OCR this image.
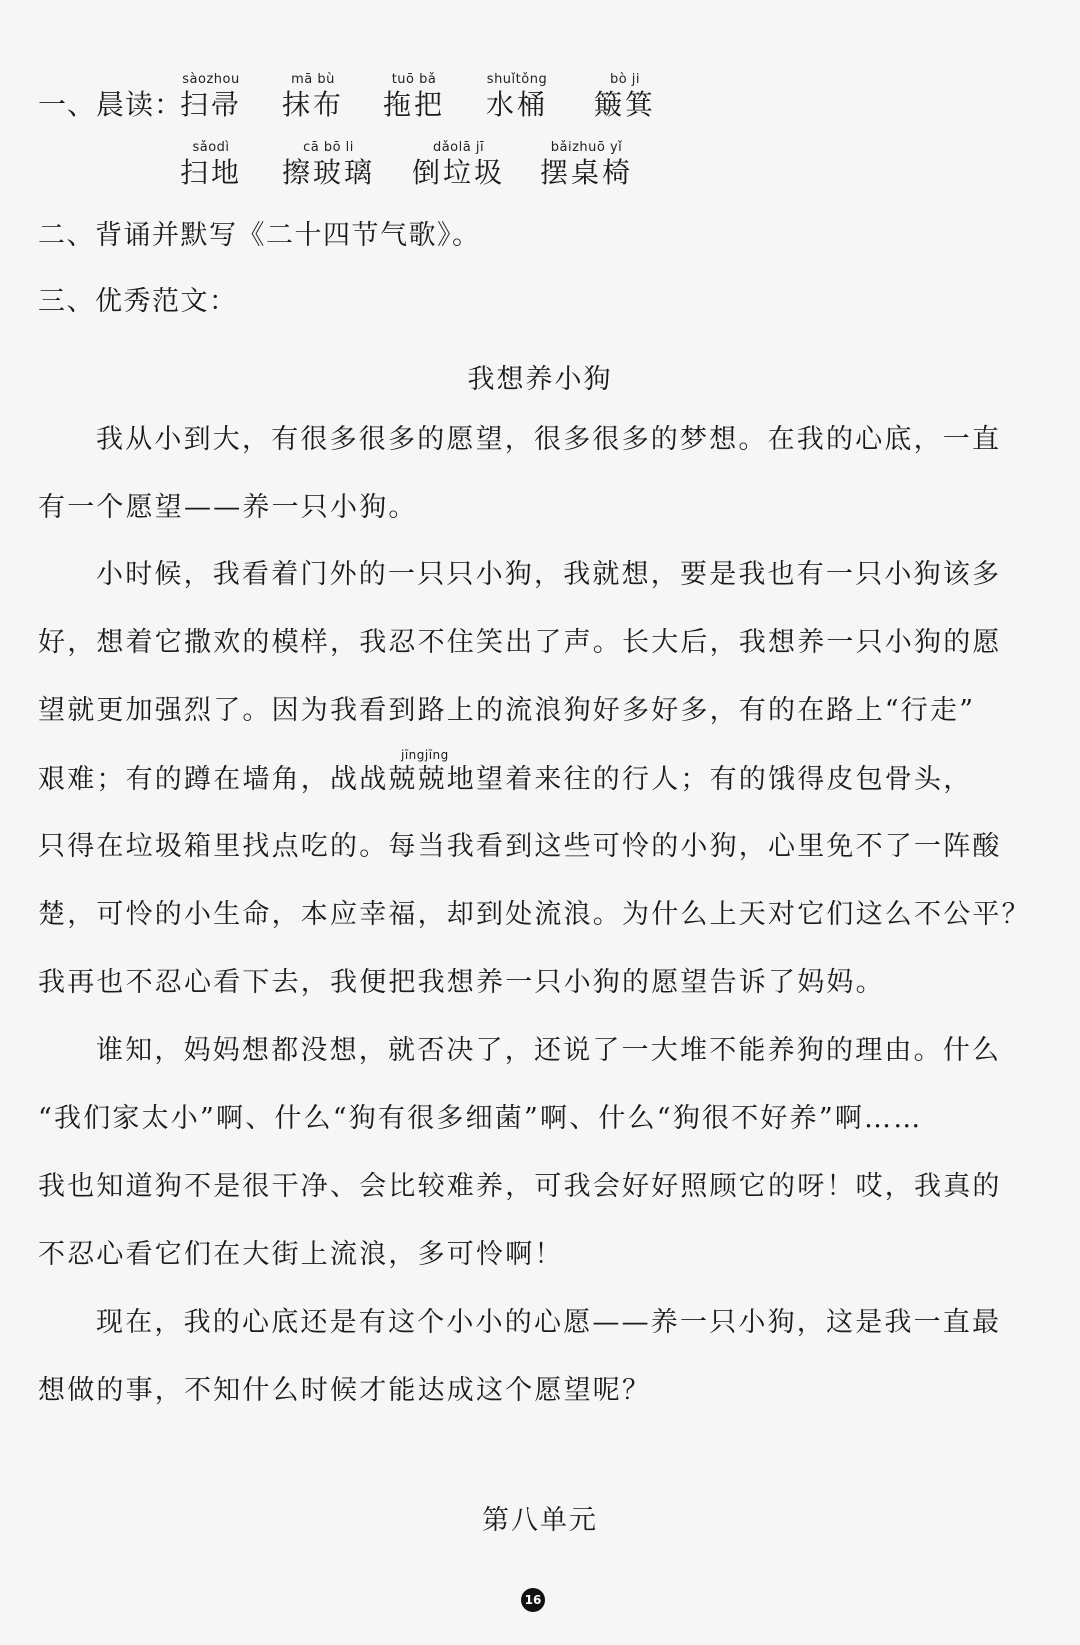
一、晨读：
sàozhou
扫帚
mā bù
抹布
tuō bǎ
拖把
shuǐtǒng
水桶
bò ji
簸箕
sǎodì
扫地
cā bō li
擦玻璃
dǎolā jī
倒垃圾
bǎizhuō yǐ
摆桌椅
二、背诵并默写《二十四节气歌》。
三、优秀范文：
我想养小狗
我从小到大，有很多很多的愿望，很多很多的梦想。在我的心底，一直
有一个愿望——养一只小狗。
小时候，我看着门外的一只只小狗，我就想，要是我也有一只小狗该多
好，想着它撒欢的模样，我忍不住笑出了声。长大后，我想养一只小狗的愿
望就更加强烈了。因为我看到路上的流浪狗好多好多，有的在路上“行走”
jīngjīng
艰难；有的蹲在墙角，战战兢兢地望着来往的行人；有的饿得皮包骨头，
只得在垃圾箱里找点吃的。每当我看到这些可怜的小狗，心里免不了一阵酸
楚，可怜的小生命，本应幸福，却到处流浪。为什么上天对它们这么不公平？
我再也不忍心看下去，我便把我想养一只小狗的愿望告诉了妈妈。
谁知，妈妈想都没想，就否决了，还说了一大堆不能养狗的理由。什么
“我们家太小”啊、什么“狗有很多细菌”啊、什么“狗很不好养”啊……
我也知道狗不是很干净、会比较难养，可我会好好照顾它的呀！哎，我真的
不忍心看它们在大街上流浪，多可怜啊！
现在，我的心底还是有这个小小的心愿——养一只小狗，这是我一直最
想做的事，不知什么时候才能达成这个愿望呢？
第八单元
16
